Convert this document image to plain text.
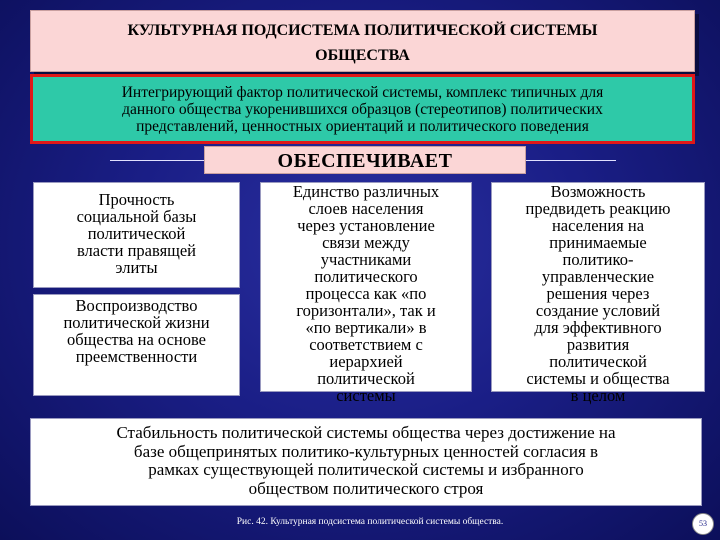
КУЛЬТУРНАЯ ПОДСИСТЕМА ПОЛИТИЧЕСКОЙ СИСТЕМЫ
ОБЩЕСТВА
Интегрирующий фактор политической системы, комплекс типичных для
данного общества укоренившихся образцов (стереотипов) политических
представлений, ценностных ориентаций и политического поведения
ОБЕСПЕЧИВАЕТ
Прочность
социальной базы
политической
власти правящей
элиты
Воспроизводство
политической жизни
общества на основе
преемственности
Единство различных
слоев населения
через установление
связи между
участниками
политического
процесса как «по
горизонтали», так и
«по вертикали» в
соответствием с
иерархией
политической
системы
Возможность
предвидеть реакцию
населения на
принимаемые
политико-
управленческие
решения через
создание условий
для эффективного
развития
политической
системы и общества
в целом
Стабильность политической системы общества через достижение на
базе общепринятых политико-культурных ценностей согласия в
рамках существующей политической системы и избранного
обществом политического строя
Рис. 42. Культурная подсистема политической системы общества.	53
